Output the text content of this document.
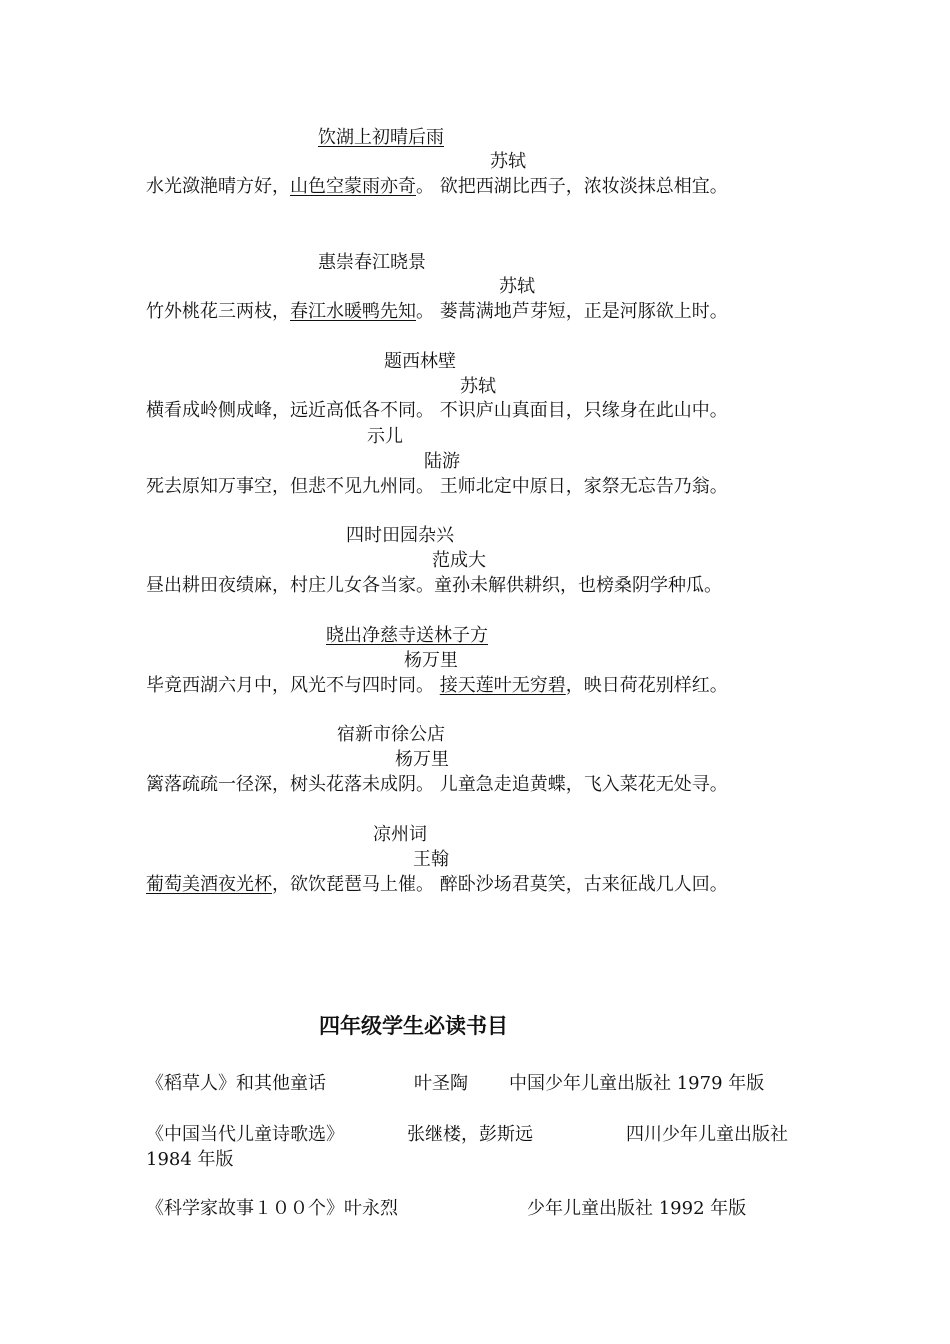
饮湖上初晴后雨
苏轼
水光潋滟晴方好，山色空蒙雨亦奇。 欲把西湖比西子，浓妆淡抹总相宜。
惠崇春江晓景
苏轼
竹外桃花三两枝，春江水暖鸭先知。 蒌蒿满地芦芽短，正是河豚欲上时。
题西林壁
苏轼
横看成岭侧成峰，远近高低各不同。 不识庐山真面目，只缘身在此山中。
示儿
陆游
死去原知万事空，但悲不见九州同。 王师北定中原日，家祭无忘告乃翁。
四时田园杂兴
范成大
昼出耕田夜绩麻，村庄儿女各当家。童孙未解供耕织，也榜桑阴学种瓜。
晓出净慈寺送林子方
杨万里
毕竟西湖六月中，风光不与四时同。 接天莲叶无穷碧，映日荷花别样红。
宿新市徐公店
杨万里
篱落疏疏一径深，树头花落未成阴。 儿童急走追黄蝶，飞入菜花无处寻。
凉州词
王翰
葡萄美酒夜光杯，欲饮琵琶马上催。 醉卧沙场君莫笑，古来征战几人回。
四年级学生必读书目
《稻草人》和其他童话	叶圣陶 中国少年儿童出版社 1979 年版
《中国当代儿童诗歌选》	张继楼，彭斯远	四川少年儿童出版社
1984 年版
《科学家故事１００个》叶永烈	少年儿童出版社 1992 年版
